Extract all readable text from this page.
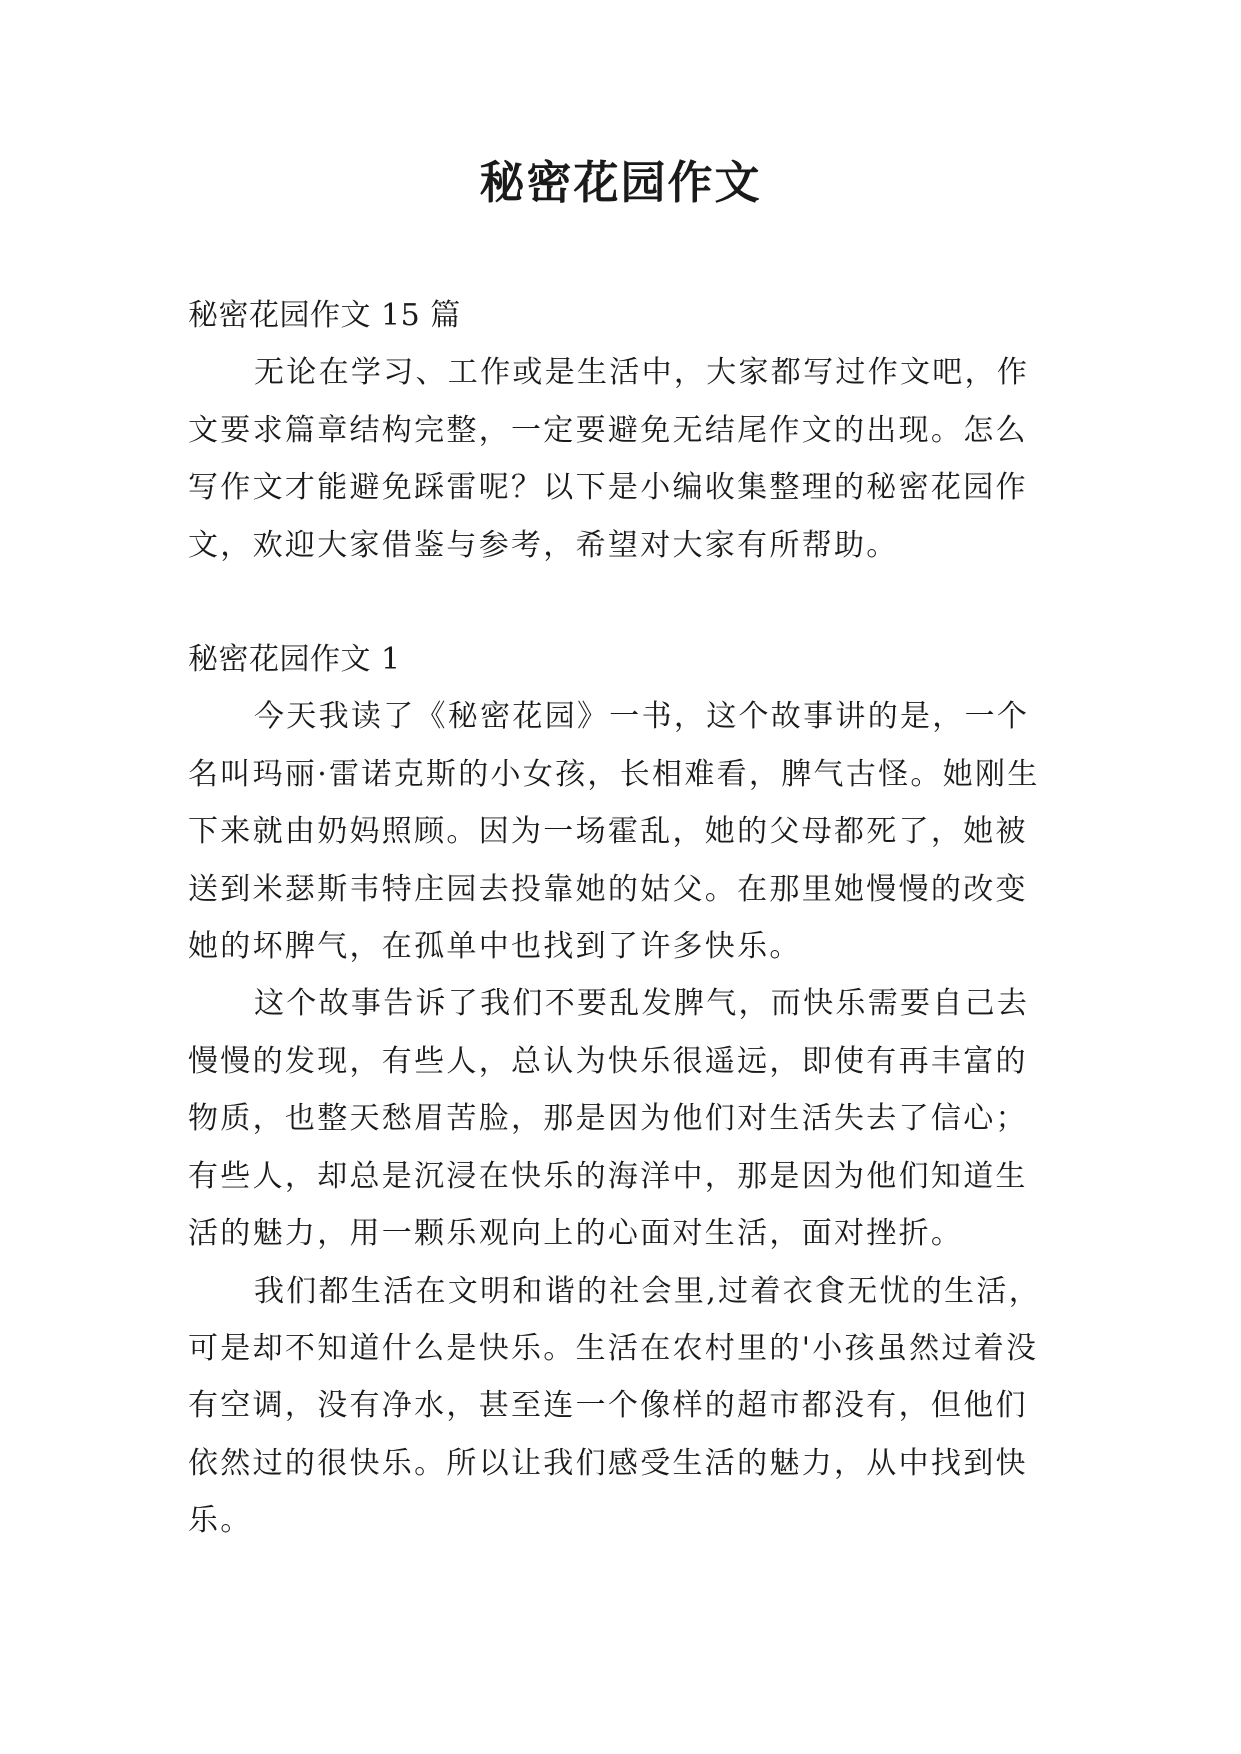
秘密花园作文

秘密花园作文 15 篇

无论在学习、工作或是生活中，大家都写过作文吧，作文要求篇章结构完整，一定要避免无结尾作文的出现。怎么写作文才能避免踩雷呢？以下是小编收集整理的秘密花园作文，欢迎大家借鉴与参考，希望对大家有所帮助。

秘密花园作文 1

今天我读了《秘密花园》一书，这个故事讲的是，一个名叫玛丽·雷诺克斯的小女孩，长相难看，脾气古怪。她刚生下来就由奶妈照顾。因为一场霍乱，她的父母都死了，她被送到米瑟斯韦特庄园去投靠她的姑父。在那里她慢慢的改变她的坏脾气，在孤单中也找到了许多快乐。

这个故事告诉了我们不要乱发脾气，而快乐需要自己去慢慢的发现，有些人，总认为快乐很遥远，即使有再丰富的物质，也整天愁眉苦脸，那是因为他们对生活失去了信心；有些人，却总是沉浸在快乐的海洋中，那是因为他们知道生活的魅力，用一颗乐观向上的心面对生活，面对挫折。

我们都生活在文明和谐的社会里,过着衣食无忧的生活，可是却不知道什么是快乐。生活在农村里的'小孩虽然过着没有空调，没有净水，甚至连一个像样的超市都没有，但他们依然过的很快乐。所以让我们感受生活的魅力，从中找到快乐。
